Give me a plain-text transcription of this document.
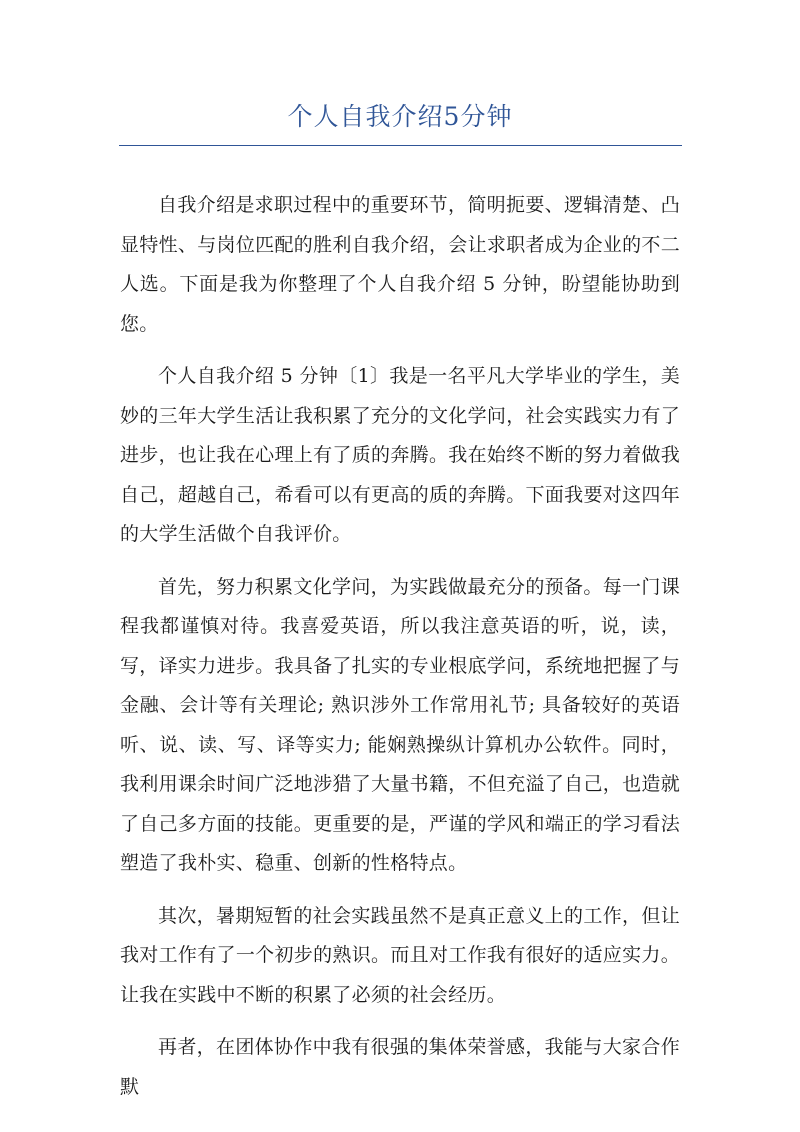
个人自我介绍5分钟

自我介绍是求职过程中的重要环节，简明扼要、逻辑清楚、凸显特性、与岗位匹配的胜利自我介绍，会让求职者成为企业的不二人选。下面是我为你整理了个人自我介绍 5 分钟，盼望能协助到您。

个人自我介绍 5 分钟〔1〕我是一名平凡大学毕业的学生，美妙的三年大学生活让我积累了充分的文化学问，社会实践实力有了进步，也让我在心理上有了质的奔腾。我在始终不断的努力着做我自己，超越自己，希看可以有更高的质的奔腾。下面我要对这四年的大学生活做个自我评价。

首先，努力积累文化学问，为实践做最充分的预备。每一门课程我都谨慎对待。我喜爱英语，所以我注意英语的听，说，读，写，译实力进步。我具备了扎实的专业根底学问，系统地把握了与金融、会计等有关理论; 熟识涉外工作常用礼节; 具备较好的英语听、说、读、写、译等实力; 能娴熟操纵计算机办公软件。同时，我利用课余时间广泛地涉猎了大量书籍，不但充溢了自己，也造就了自己多方面的技能。更重要的是，严谨的学风和端正的学习看法塑造了我朴实、稳重、创新的性格特点。

其次，暑期短暂的社会实践虽然不是真正意义上的工作，但让我对工作有了一个初步的熟识。而且对工作我有很好的适应实力。让我在实践中不断的积累了必须的社会经历。

再者，在团体协作中我有很强的集体荣誉感，我能与大家合作默
